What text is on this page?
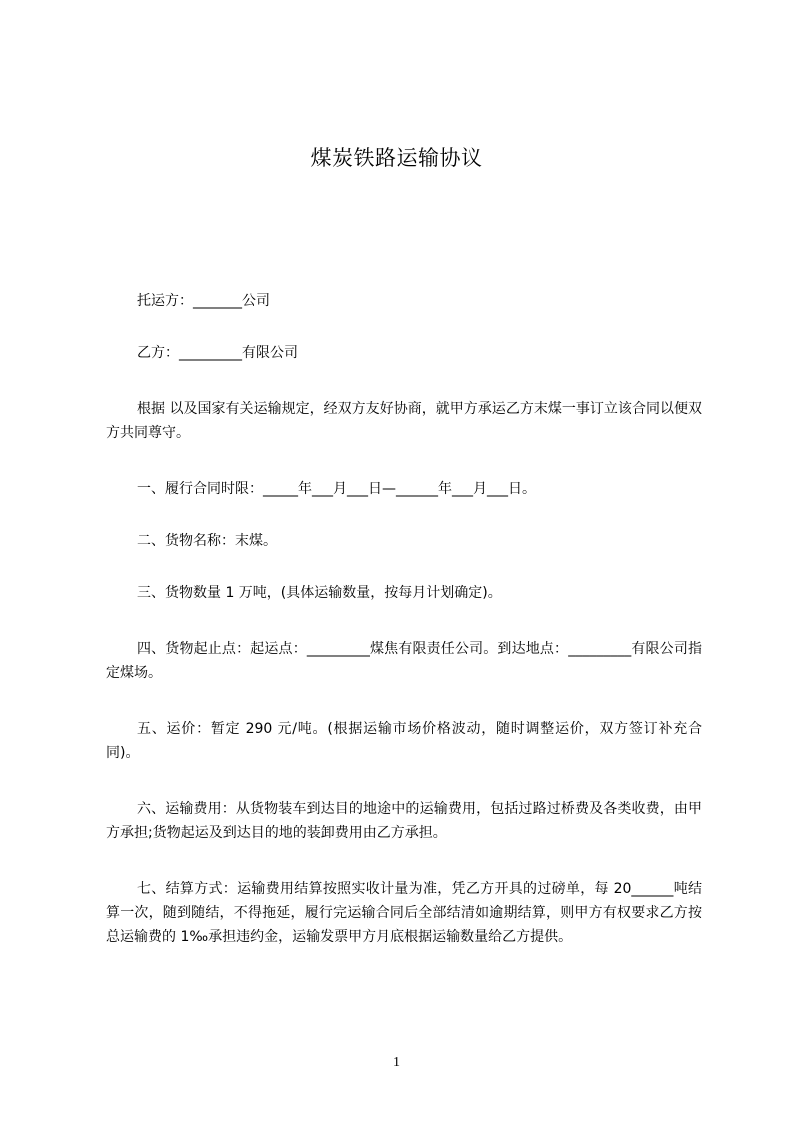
煤炭铁路运输协议

托运方：_______公司

乙方：_________有限公司

根据 以及国家有关运输规定，经双方友好协商，就甲方承运乙方末煤一事订立该合同以便双方共同尊守。

一、履行合同时限：_____年___月___日—______年___月___日。

二、货物名称：末煤。

三、货物数量 1 万吨，(具体运输数量，按每月计划确定)。

四、货物起止点：起运点：_________煤焦有限责任公司。到达地点：_________有限公司指定煤场。

五、运价：暂定 290 元/吨。(根据运输市场价格波动，随时调整运价，双方签订补充合同)。

六、运输费用：从货物装车到达目的地途中的运输费用，包括过路过桥费及各类收费，由甲方承担;货物起运及到达目的地的装卸费用由乙方承担。

七、结算方式：运输费用结算按照实收计量为准，凭乙方开具的过磅单，每 20______吨结算一次，随到随结，不得拖延，履行完运输合同后全部结清如逾期结算，则甲方有权要求乙方按总运输费的 1‰承担违约金，运输发票甲方月底根据运输数量给乙方提供。

1
